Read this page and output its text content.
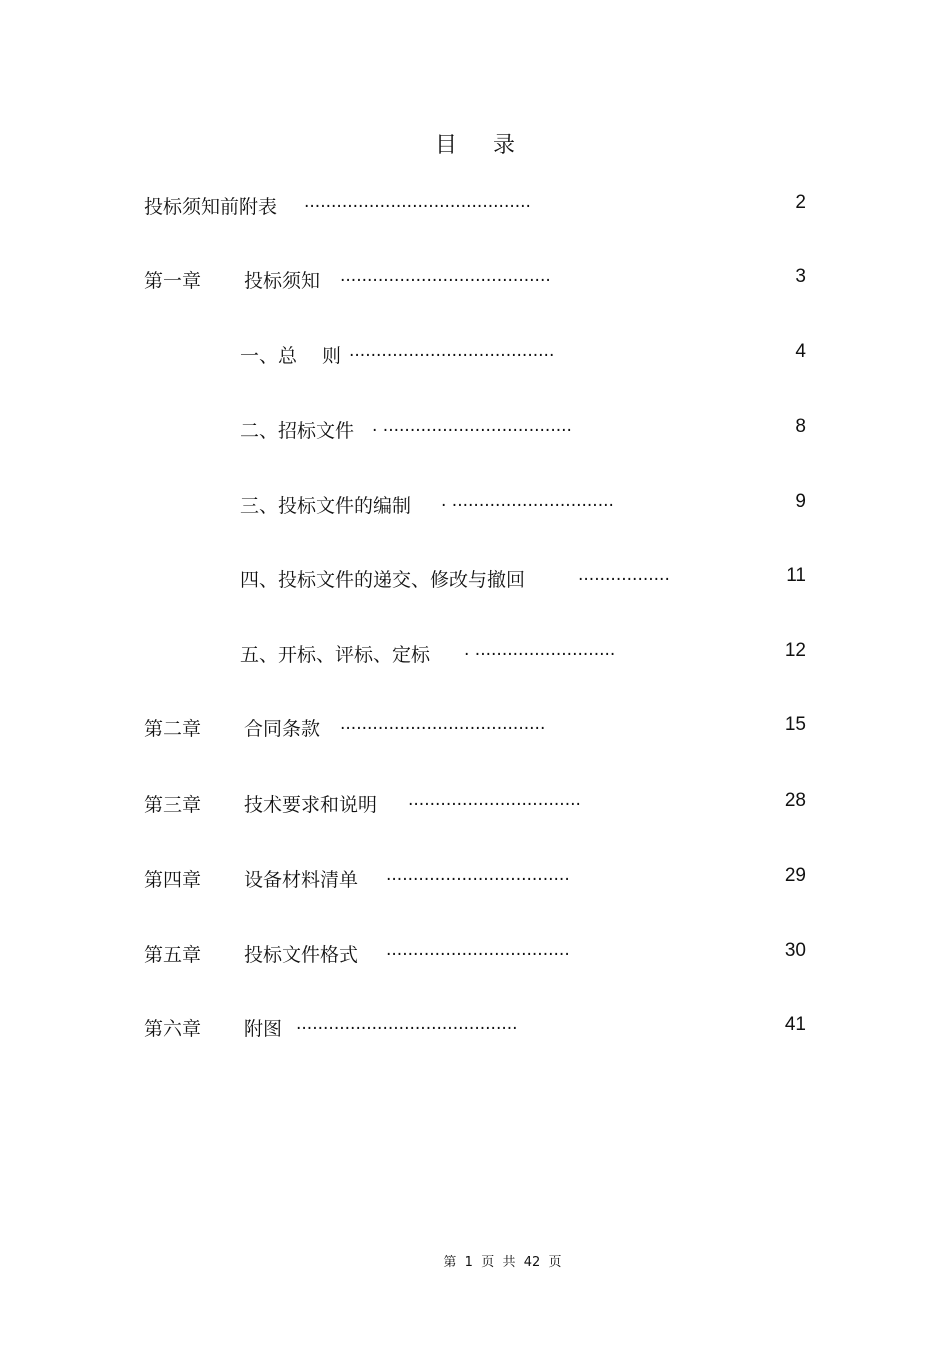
目 录
投标须知前附表 ..........................................	2
第一章 投标须知 .......................................	3
一、总　 则 ......................................	4
二、招标文件 . ...................................	8
三、投标文件的编制 . ..............................	9
四、投标文件的递交、修改与撤回	.................	11
五、开标、评标、定标 . ..........................	12
第二章 合同条款 ......................................	15
第三章 技术要求和说明 ................................	28
第四章 设备材料清单 ..................................	29
第五章 投标文件格式 ..................................	30
第六章 附图 .........................................	41
第  1  页  共  42  页
